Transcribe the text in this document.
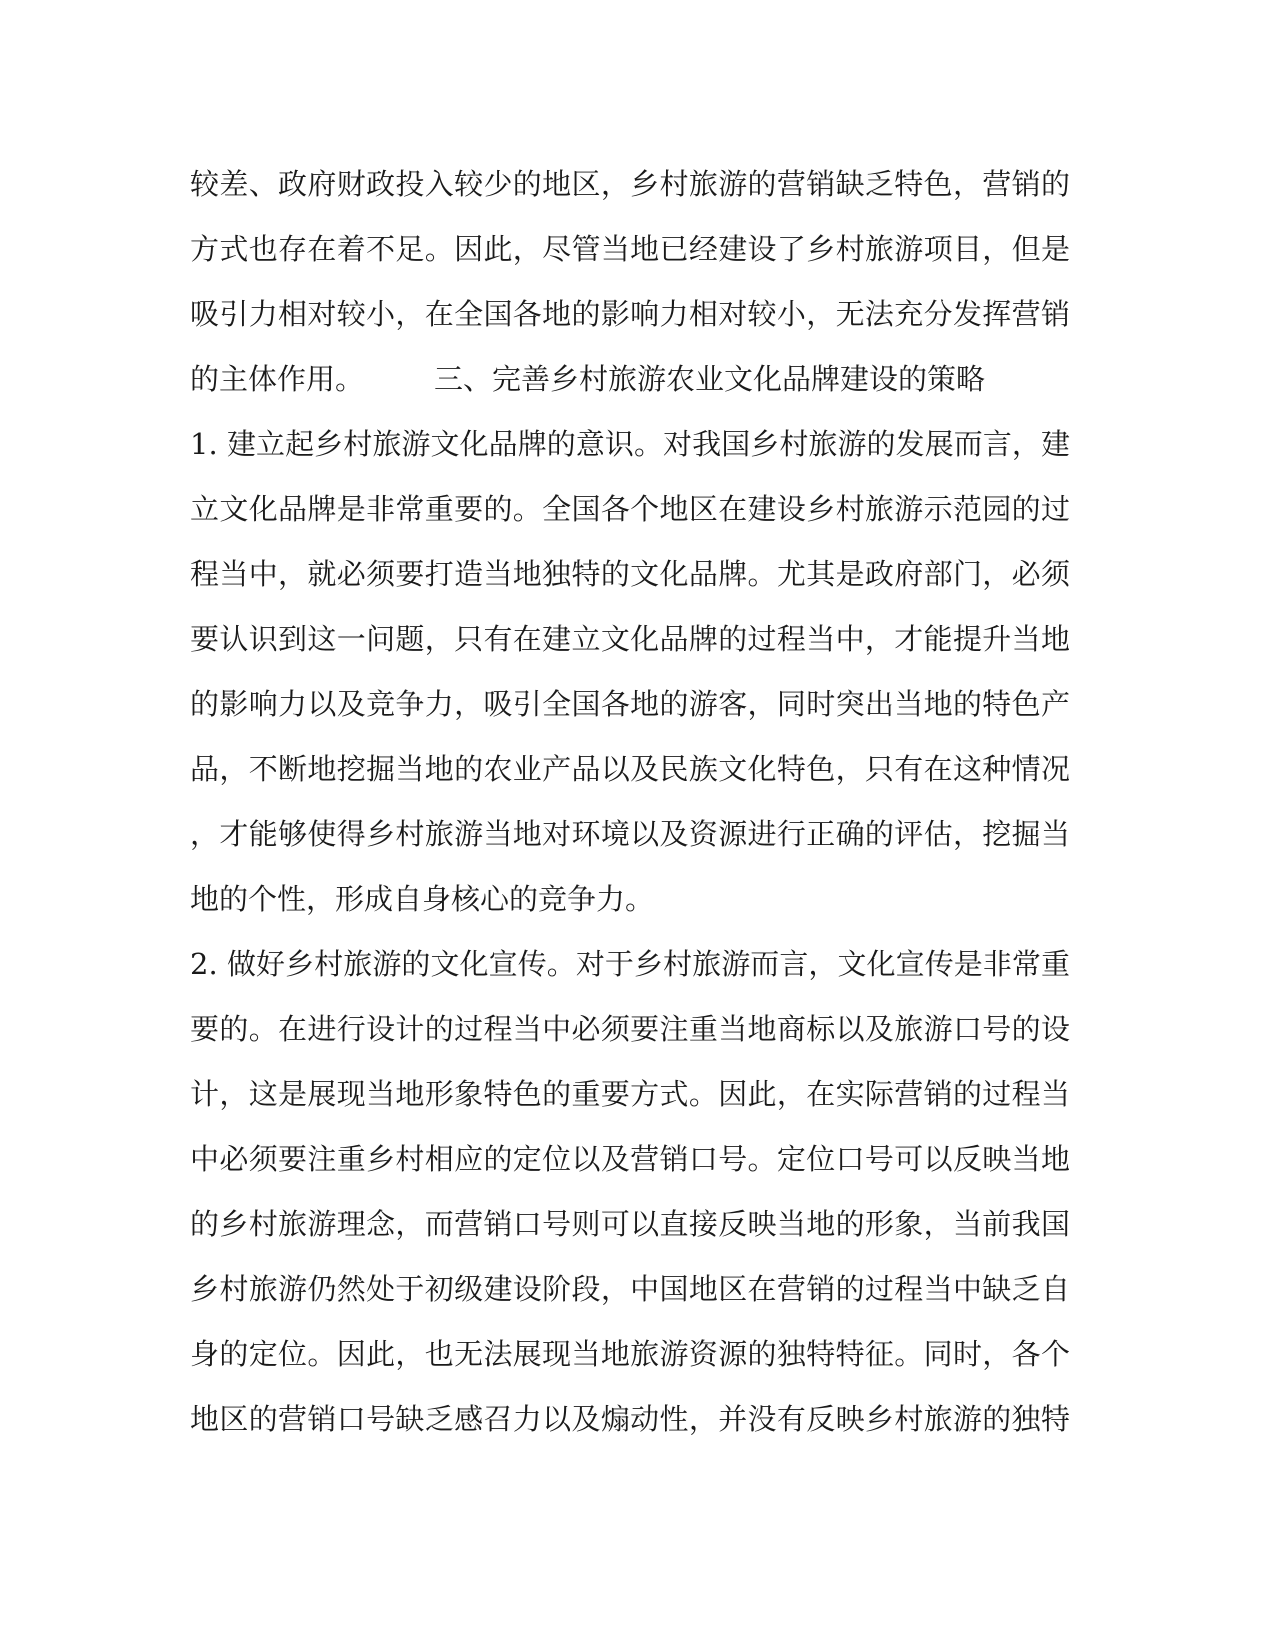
较差、政府财政投入较少的地区，乡村旅游的营销缺乏特色，营销的
方式也存在着不足。因此，尽管当地已经建设了乡村旅游项目，但是
吸引力相对较小，在全国各地的影响力相对较小，无法充分发挥营销
的主体作用。 三、完善乡村旅游农业文化品牌建设的策略
1. 建立起乡村旅游文化品牌的意识。对我国乡村旅游的发展而言，建
立文化品牌是非常重要的。全国各个地区在建设乡村旅游示范园的过
程当中，就必须要打造当地独特的文化品牌。尤其是政府部门，必须
要认识到这一问题，只有在建立文化品牌的过程当中，才能提升当地
的影响力以及竞争力，吸引全国各地的游客，同时突出当地的特色产
品，不断地挖掘当地的农业产品以及民族文化特色，只有在这种情况
，才能够使得乡村旅游当地对环境以及资源进行正确的评估，挖掘当
地的个性，形成自身核心的竞争力。
2. 做好乡村旅游的文化宣传。对于乡村旅游而言，文化宣传是非常重
要的。在进行设计的过程当中必须要注重当地商标以及旅游口号的设
计，这是展现当地形象特色的重要方式。因此，在实际营销的过程当
中必须要注重乡村相应的定位以及营销口号。定位口号可以反映当地
的乡村旅游理念，而营销口号则可以直接反映当地的形象，当前我国
乡村旅游仍然处于初级建设阶段，中国地区在营销的过程当中缺乏自
身的定位。因此，也无法展现当地旅游资源的独特特征。同时，各个
地区的营销口号缺乏感召力以及煽动性，并没有反映乡村旅游的独特
